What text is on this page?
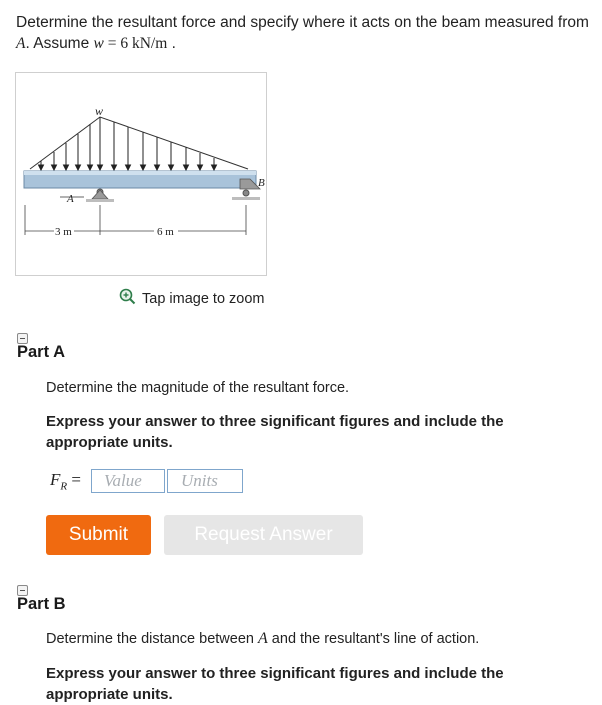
Determine the resultant force and specify where it acts on the beam measured from A. Assume w = 6 kN/m .
w
A
B
3 m	6 m
Tap image to zoom
Part A
Determine the magnitude of the resultant force.
Express your answer to three significant figures and include the appropriate units.
$F_R$ =
Value
Units
Submit	Request Answer
Part B
Determine the distance between A and the resultant's line of action.
Express your answer to three significant figures and include the appropriate units.
